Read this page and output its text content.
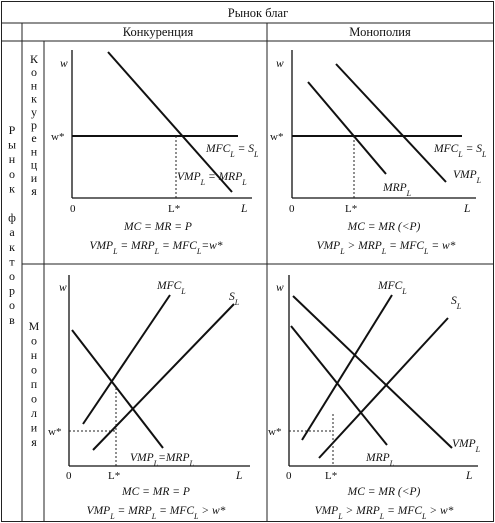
Рынок благ
Конкуренция	Монополия
Р
ы
н
о
к
ф
а
к
т
о
р
о
в
К
о
н
к
у
р
е
н
ц
и
я
М
о
н
о
п
о
л
и
я
w
L
0
w*
L*
$MFC_L = S_L$
$VMP_L = MRP_L$
MC = MR = P
$VMP_L = MRP_L = MFC_L=w*$
w
L
0
w*
L*
$MFC_L = S_L$
$MRP_L$
$VMP_L$
MC = MR (<P)
$VMP_L > MRP_L = MFC_L = w*$
w
L
0
w*
L*
$MFC_L$	$S_L$
$VMP_L=MRP_L$
MC = MR = P
$VMP_L = MRP_L = MFC_L > w*$
w
L
0
w*
L*
$MFC_L$
$S_L$
$MRP_L$
$VMP_L$
MC = MR (<P)
$VMP_L > MRP_L = MFC_L > w*$
